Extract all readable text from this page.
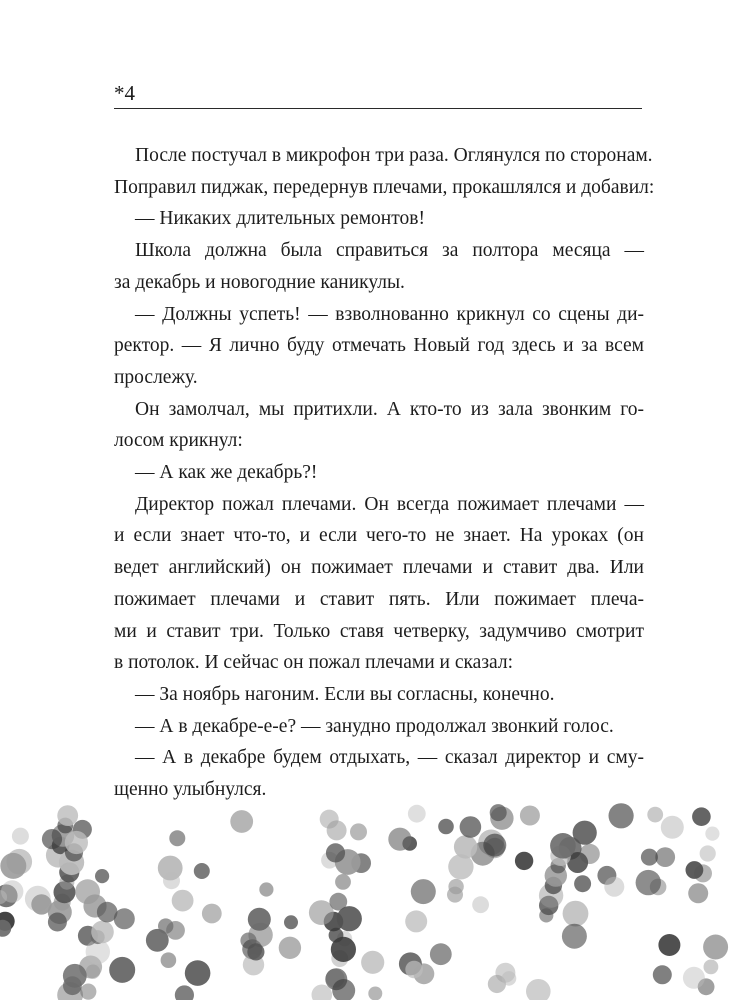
*4
После постучал в микрофон три раза. Оглянулся по сторонам.
Поправил пиджак, передернув плечами, прокашлялся и добавил:
— Никаких длительных ремонтов!
Школа должна была справиться за полтора месяца —
за декабрь и новогодние каникулы.
— Должны успеть! — взволнованно крикнул со сцены ди-
ректор. — Я лично буду отмечать Новый год здесь и за всем
прослежу.
Он замолчал, мы притихли. А кто-то из зала звонким го-
лосом крикнул:
— А как же декабрь?!
Директор пожал плечами. Он всегда пожимает плечами —
и если знает что-то, и если чего-то не знает. На уроках (он
ведет английский) он пожимает плечами и ставит два. Или
пожимает плечами и ставит пять. Или пожимает плеча-
ми и ставит три. Только ставя четверку, задумчиво смотрит
в потолок. И сейчас он пожал плечами и сказал:
— За ноябрь нагоним. Если вы согласны, конечно.
— А в декабре-е-е? — занудно продолжал звонкий голос.
— А в декабре будем отдыхать, — сказал директор и сму-
щенно улыбнулся.
